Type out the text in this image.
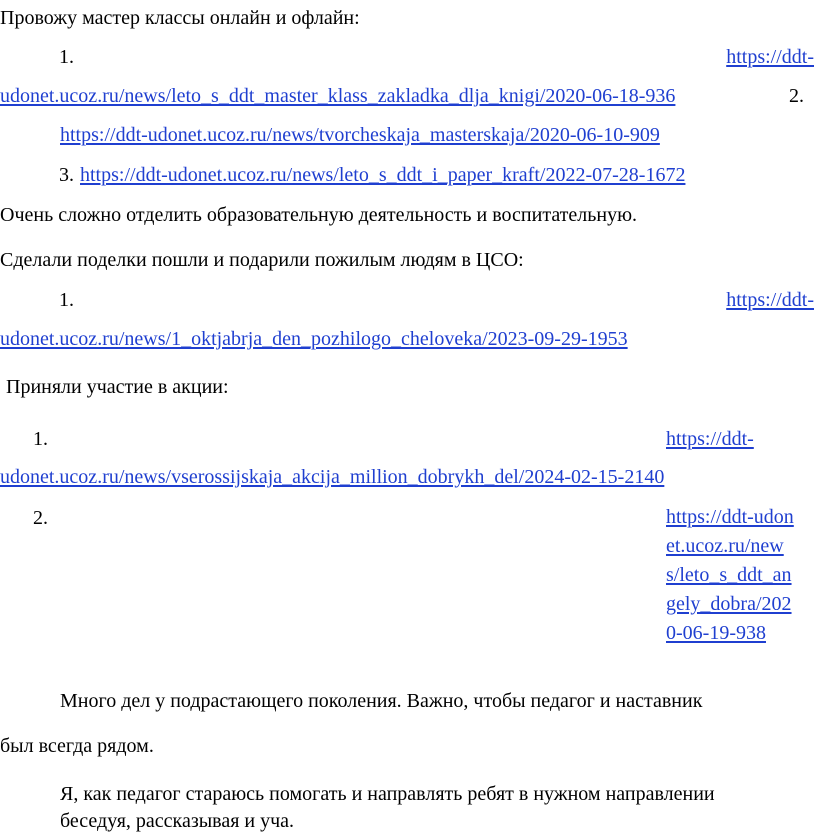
Провожу мастер классы онлайн и офлайн:
1.	https://ddt-
udonet.ucoz.ru/news/leto_s_ddt_master_klass_zakladka_dlja_knigi/2020-06-18-936	2.
https://ddt-udonet.ucoz.ru/news/tvorcheskaja_masterskaja/2020-06-10-909
3. https://ddt-udonet.ucoz.ru/news/leto_s_ddt_i_paper_kraft/2022-07-28-1672
Очень сложно отделить образовательную деятельность и воспитательную.
Сделали поделки пошли и подарили пожилым людям в ЦСО:
1.	https://ddt-
udonet.ucoz.ru/news/1_oktjabrja_den_pozhilogo_cheloveka/2023-09-29-1953
Приняли участие в акции:
1.	https://ddt-
udonet.ucoz.ru/news/vserossijskaja_akcija_million_dobrykh_del/2024-02-15-2140
2.	https://ddt-udonet.ucoz.ru/news/leto_s_ddt_angely_dobra/2020-06-19-938
Много дел у подрастающего поколения. Важно, чтобы педагог и наставник
был всегда рядом.
Я, как педагог стараюсь помогать и направлять ребят в нужном направлении
беседуя, рассказывая и уча.
